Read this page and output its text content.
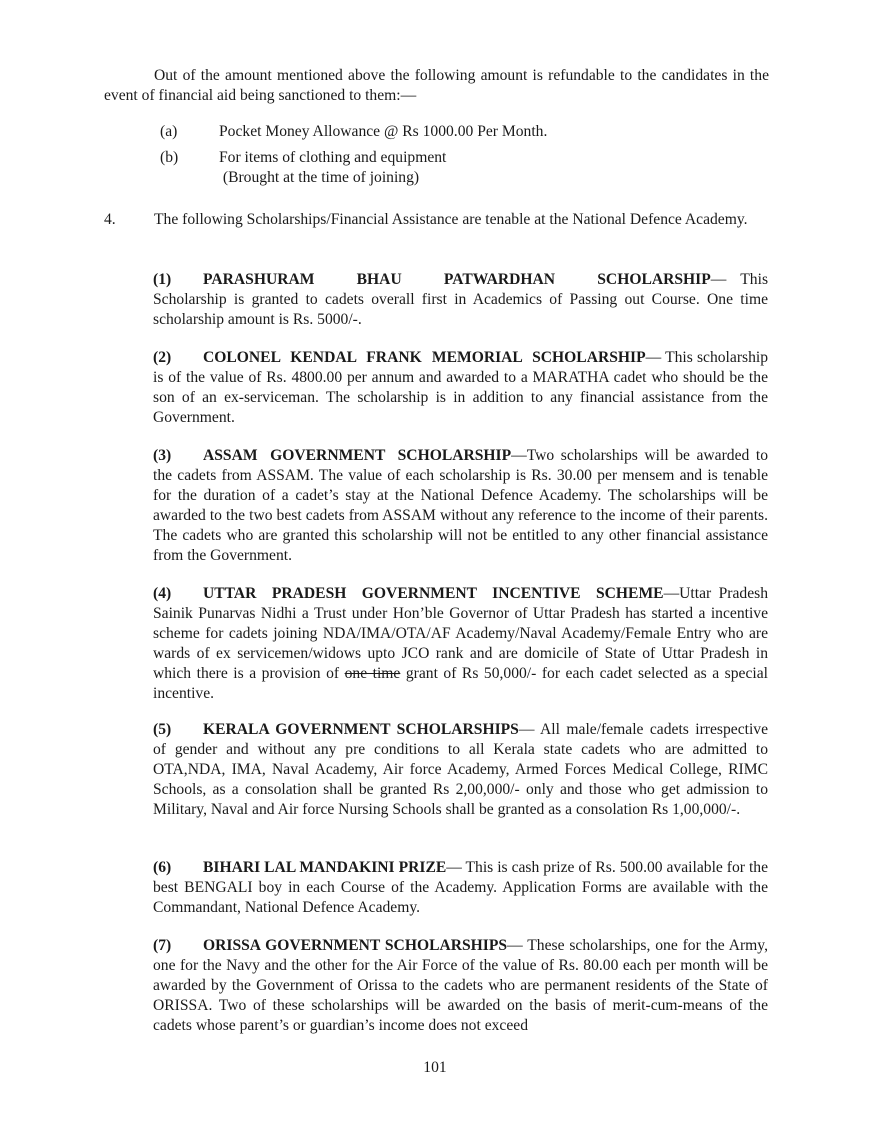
Out of the amount mentioned above the following amount is refundable to the candidates in the event of financial aid being sanctioned to them:—

(a)	Pocket Money Allowance @ Rs 1000.00 Per Month.
(b)	For items of clothing and equipment
(Brought at the time of joining)

4. The following Scholarships/Financial Assistance are tenable at the National Defence Academy.

(1) PARASHURAM BHAU PATWARDHAN SCHOLARSHIP— This Scholarship is granted to cadets overall first in Academics of Passing out Course. One time scholarship amount is Rs. 5000/-.

(2) COLONEL KENDAL FRANK MEMORIAL SCHOLARSHIP— This scholarship is of the value of Rs. 4800.00 per annum and awarded to a MARATHA cadet who should be the son of an ex-serviceman. The scholarship is in addition to any financial assistance from the Government.

(3) ASSAM GOVERNMENT SCHOLARSHIP—Two scholarships will be awarded to the cadets from ASSAM. The value of each scholarship is Rs. 30.00 per mensem and is tenable for the duration of a cadet’s stay at the National Defence Academy. The scholarships will be awarded to the two best cadets from ASSAM without any reference to the income of their parents. The cadets who are granted this scholarship will not be entitled to any other financial assistance from the Government.

(4) UTTAR PRADESH GOVERNMENT INCENTIVE SCHEME—Uttar Pradesh Sainik Punarvas Nidhi a Trust under Hon’ble Governor of Uttar Pradesh has started a incentive scheme for cadets joining NDA/IMA/OTA/AF Academy/Naval Academy/Female Entry who are wards of ex servicemen/widows upto JCO rank and are domicile of State of Uttar Pradesh in which there is a provision of one time grant of Rs 50,000/- for each cadet selected as a special incentive.

(5) KERALA GOVERNMENT SCHOLARSHIPS— All male/female cadets irrespective of gender and without any pre conditions to all Kerala state cadets who are admitted to OTA,NDA, IMA, Naval Academy, Air force Academy, Armed Forces Medical College, RIMC Schools, as a consolation shall be granted Rs 2,00,000/- only and those who get admission to Military, Naval and Air force Nursing Schools shall be granted as a consolation Rs 1,00,000/-.

(6) BIHARI LAL MANDAKINI PRIZE— This is cash prize of Rs. 500.00 available for the best BENGALI boy in each Course of the Academy. Application Forms are available with the Commandant, National Defence Academy.

(7) ORISSA GOVERNMENT SCHOLARSHIPS— These scholarships, one for the Army, one for the Navy and the other for the Air Force of the value of Rs. 80.00 each per month will be awarded by the Government of Orissa to the cadets who are permanent residents of the State of ORISSA. Two of these scholarships will be awarded on the basis of merit-cum-means of the cadets whose parent’s or guardian’s income does not exceed

101
